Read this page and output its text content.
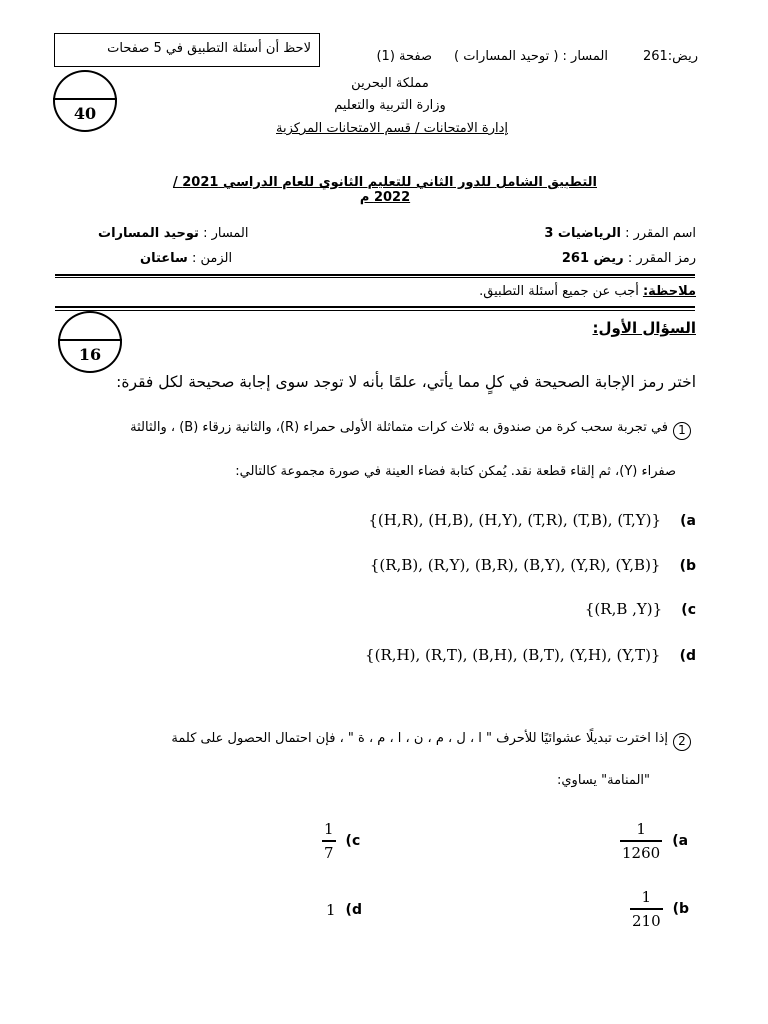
ريض:261
المسار : ( توحيد المسارات )
صفحة (1)
لاحظ أن أسئلة التطبيق في 5 صفحات
40
مملكة البحرين
وزارة التربية والتعليم
إدارة الامتحانات / قسم الامتحانات المركزية
التطبيق الشامل للدور الثاني للتعليم الثانوي للعام الدراسي 2021 / 2022 م
اسم المقرر : الرياضيات 3
رمز المقرر : ريض 261
المسار : توحيد المسارات
الزمن : ساعتان
ملاحظة: أجب عن جميع أسئلة التطبيق.
السؤال الأول:
16
اختر رمز الإجابة الصحيحة في كلٍ مما يأتي، علمًا بأنه لا توجد سوى إجابة صحيحة لكل فقرة:
1
في تجربة سحب كرة من صندوق به ثلاث كرات متماثلة الأولى حمراء (R)، والثانية زرقاء (B) ، والثالثة
صفراء (Y)، ثم إلقاء قطعة نقد. يُمكن كتابة فضاء العينة في صورة مجموعة كالتالي:
{(H,R), (H,B), (H,Y), (T,R), (T,B), (T,Y)} (a
{(R,B), (R,Y), (B,R), (B,Y), (Y,R), (Y,B)} (b
{(R,B ,Y)} (c
{(R,H), (R,T), (B,H), (B,T), (Y,H), (Y,T)} (d
2
إذا اخترت تبديلًا عشوائيًا للأحرف " ا ، ل ، م ، ن ، ا ، م ، ة " ، فإن احتمال الحصول على كلمة
"المنامة" يساوي:
$\frac{1}{1260} (a$
$\frac{1}{7} (c$
$\frac{1}{210} (b$
1 (d
